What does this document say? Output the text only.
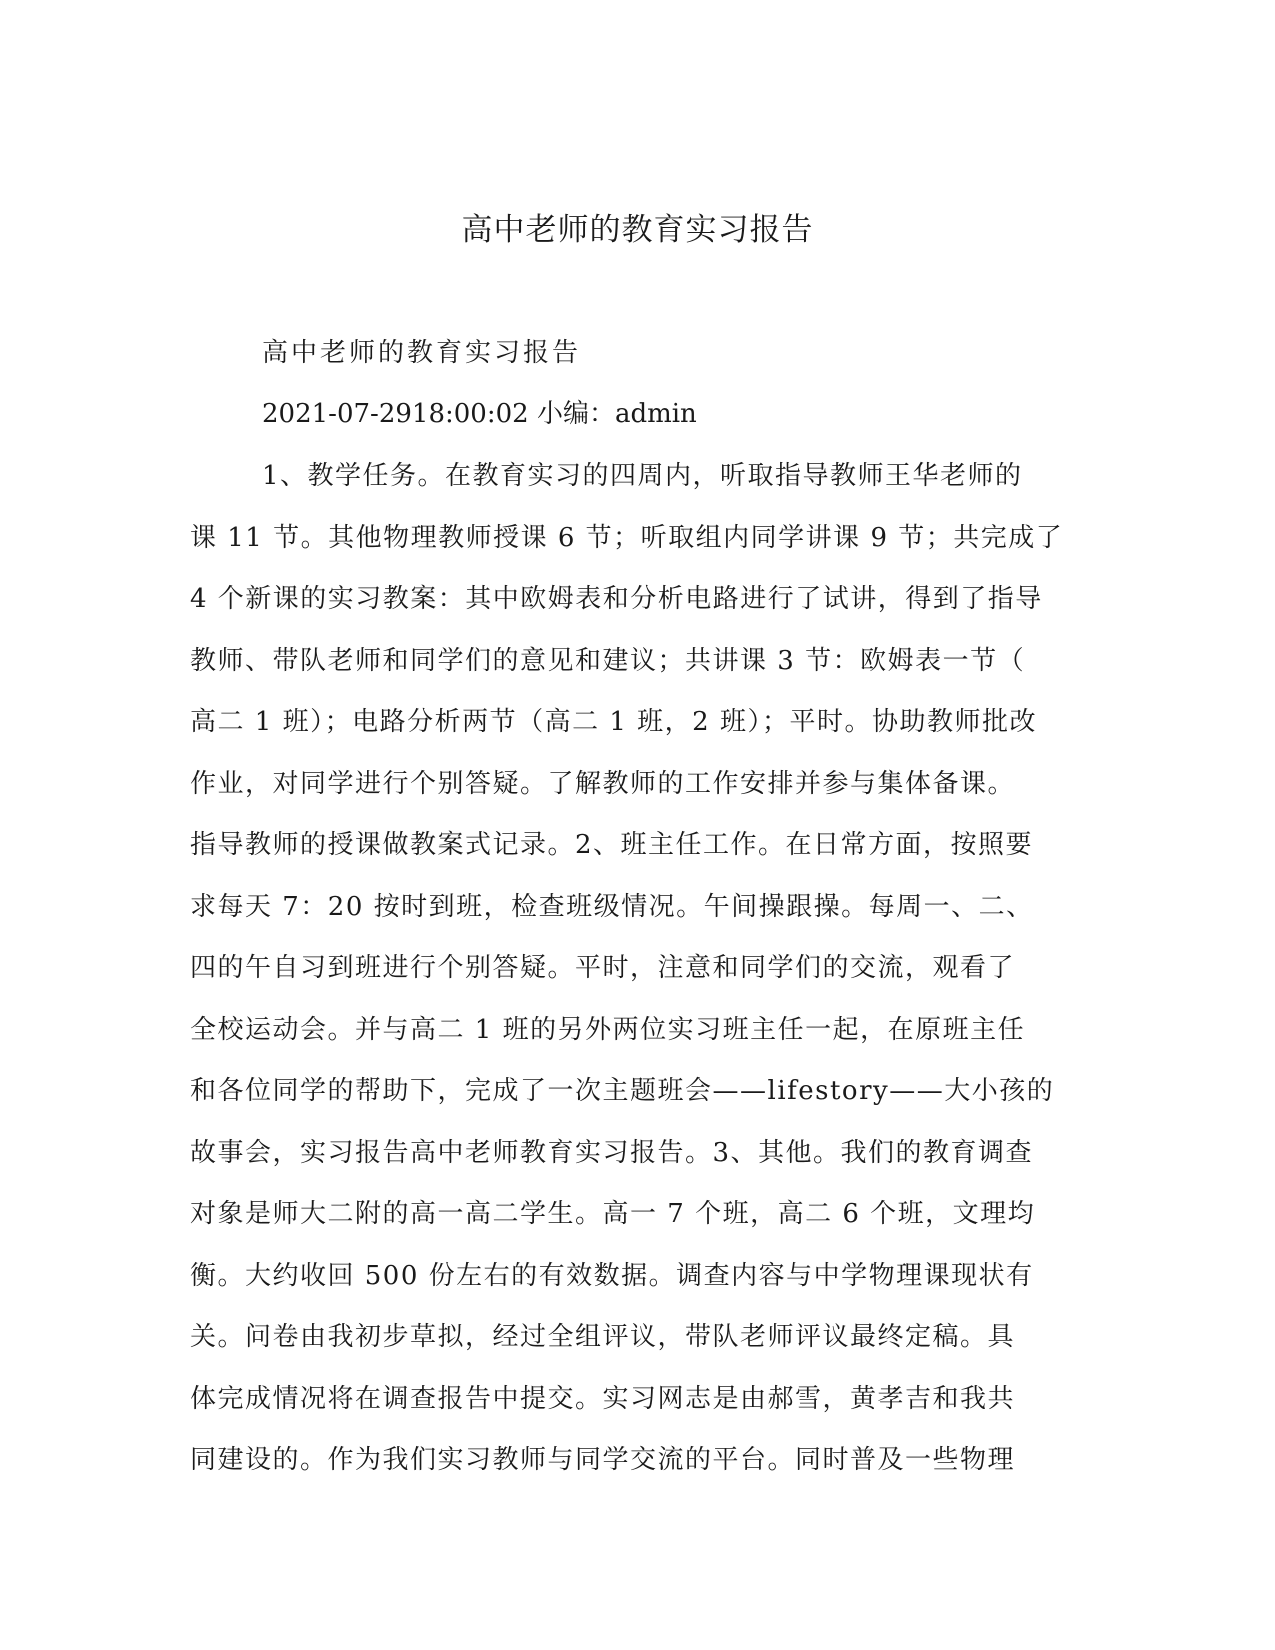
高中老师的教育实习报告

高中老师的教育实习报告

2021-07-2918:00:02 小编：admin

1、教学任务。在教育实习的四周内，听取指导教师王华老师的
课 11 节。其他物理教师授课 6 节；听取组内同学讲课 9 节；共完成了
4 个新课的实习教案：其中欧姆表和分析电路进行了试讲，得到了指导
教师、带队老师和同学们的意见和建议；共讲课 3 节：欧姆表一节（
高二 1 班）；电路分析两节（高二 1 班，2 班）；平时。协助教师批改
作业，对同学进行个别答疑。了解教师的工作安排并参与集体备课。
指导教师的授课做教案式记录。2、班主任工作。在日常方面，按照要
求每天 7：20 按时到班，检查班级情况。午间操跟操。每周一、二、
四的午自习到班进行个别答疑。平时，注意和同学们的交流，观看了
全校运动会。并与高二 1 班的另外两位实习班主任一起，在原班主任
和各位同学的帮助下，完成了一次主题班会——lifestory——大小孩的
故事会，实习报告高中老师教育实习报告。3、其他。我们的教育调查
对象是师大二附的高一高二学生。高一 7 个班，高二 6 个班，文理均
衡。大约收回 500 份左右的有效数据。调查内容与中学物理课现状有
关。问卷由我初步草拟，经过全组评议，带队老师评议最终定稿。具
体完成情况将在调查报告中提交。实习网志是由郝雪，黄孝吉和我共
同建设的。作为我们实习教师与同学交流的平台。同时普及一些物理
